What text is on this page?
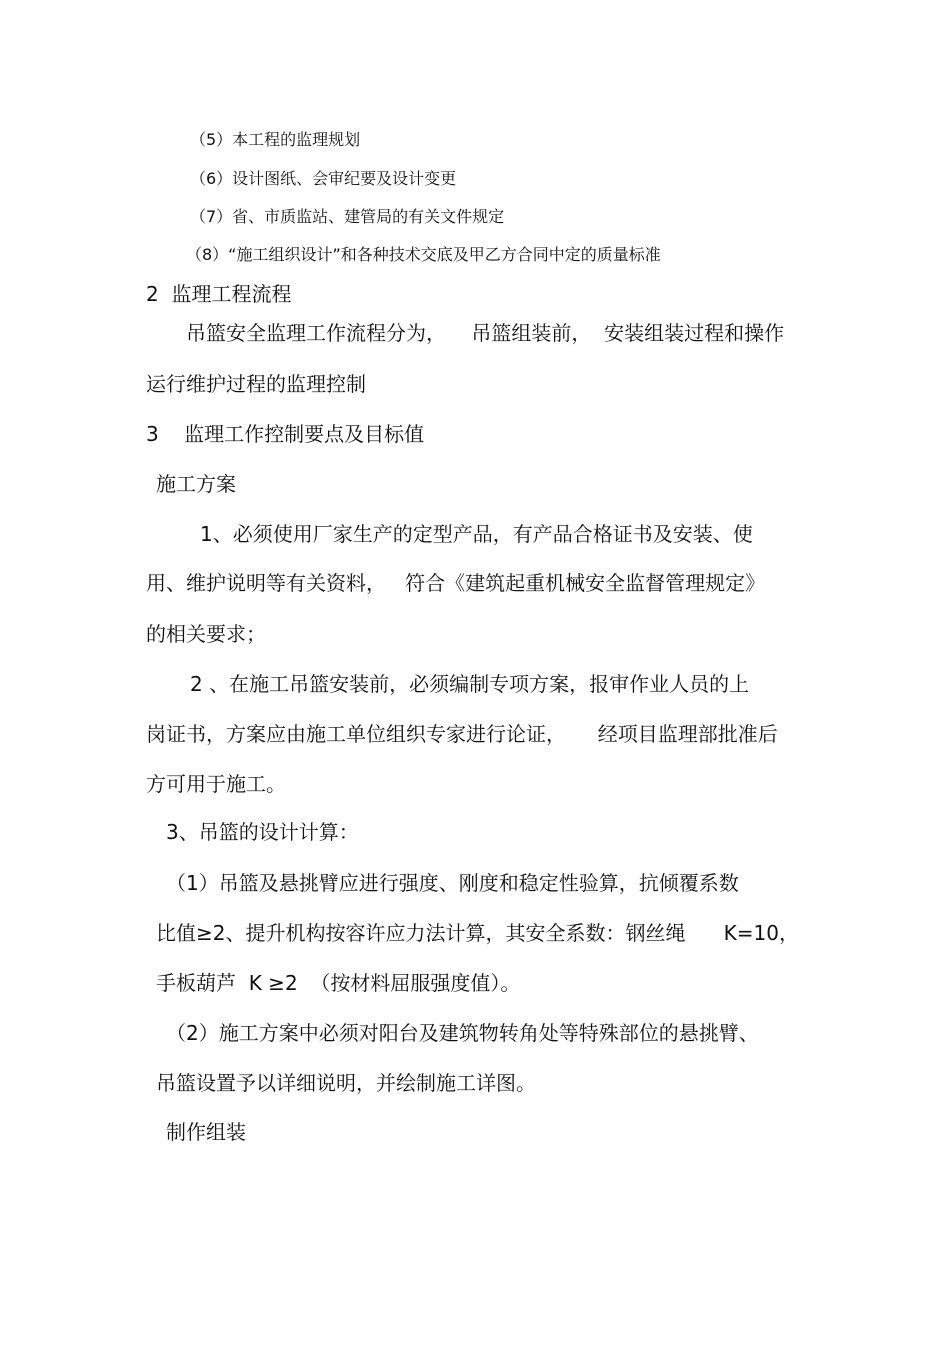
（5）本工程的监理规划
（6）设计图纸、会审纪要及设计变更
（7）省、市质监站、建管局的有关文件规定
（8）“施工组织设计”和各种技术交底及甲乙方合同中定的质量标准
2  监理工程流程
吊篮安全监理工作流程分为，    吊篮组装前，  安装组装过程和操作
运行维护过程的监理控制
3    监理工作控制要点及目标值
施工方案
1、必须使用厂家生产的定型产品，有产品合格证书及安装、使
用、维护说明等有关资料，   符合《建筑起重机械安全监督管理规定》
的相关要求；
2 、在施工吊篮安装前，必须编制专项方案，报审作业人员的上
岗证书，方案应由施工单位组织专家进行论证，     经项目监理部批准后
方可用于施工。
3、吊篮的设计计算：
（1）吊篮及悬挑臂应进行强度、刚度和稳定性验算，抗倾覆系数
比值≥2、提升机构按容许应力法计算，其安全系数：钢丝绳      K=10，
手板葫芦  K ≥2  （按材料屈服强度值）。
（2）施工方案中必须对阳台及建筑物转角处等特殊部位的悬挑臂、
吊篮设置予以详细说明，并绘制施工详图。
制作组装
